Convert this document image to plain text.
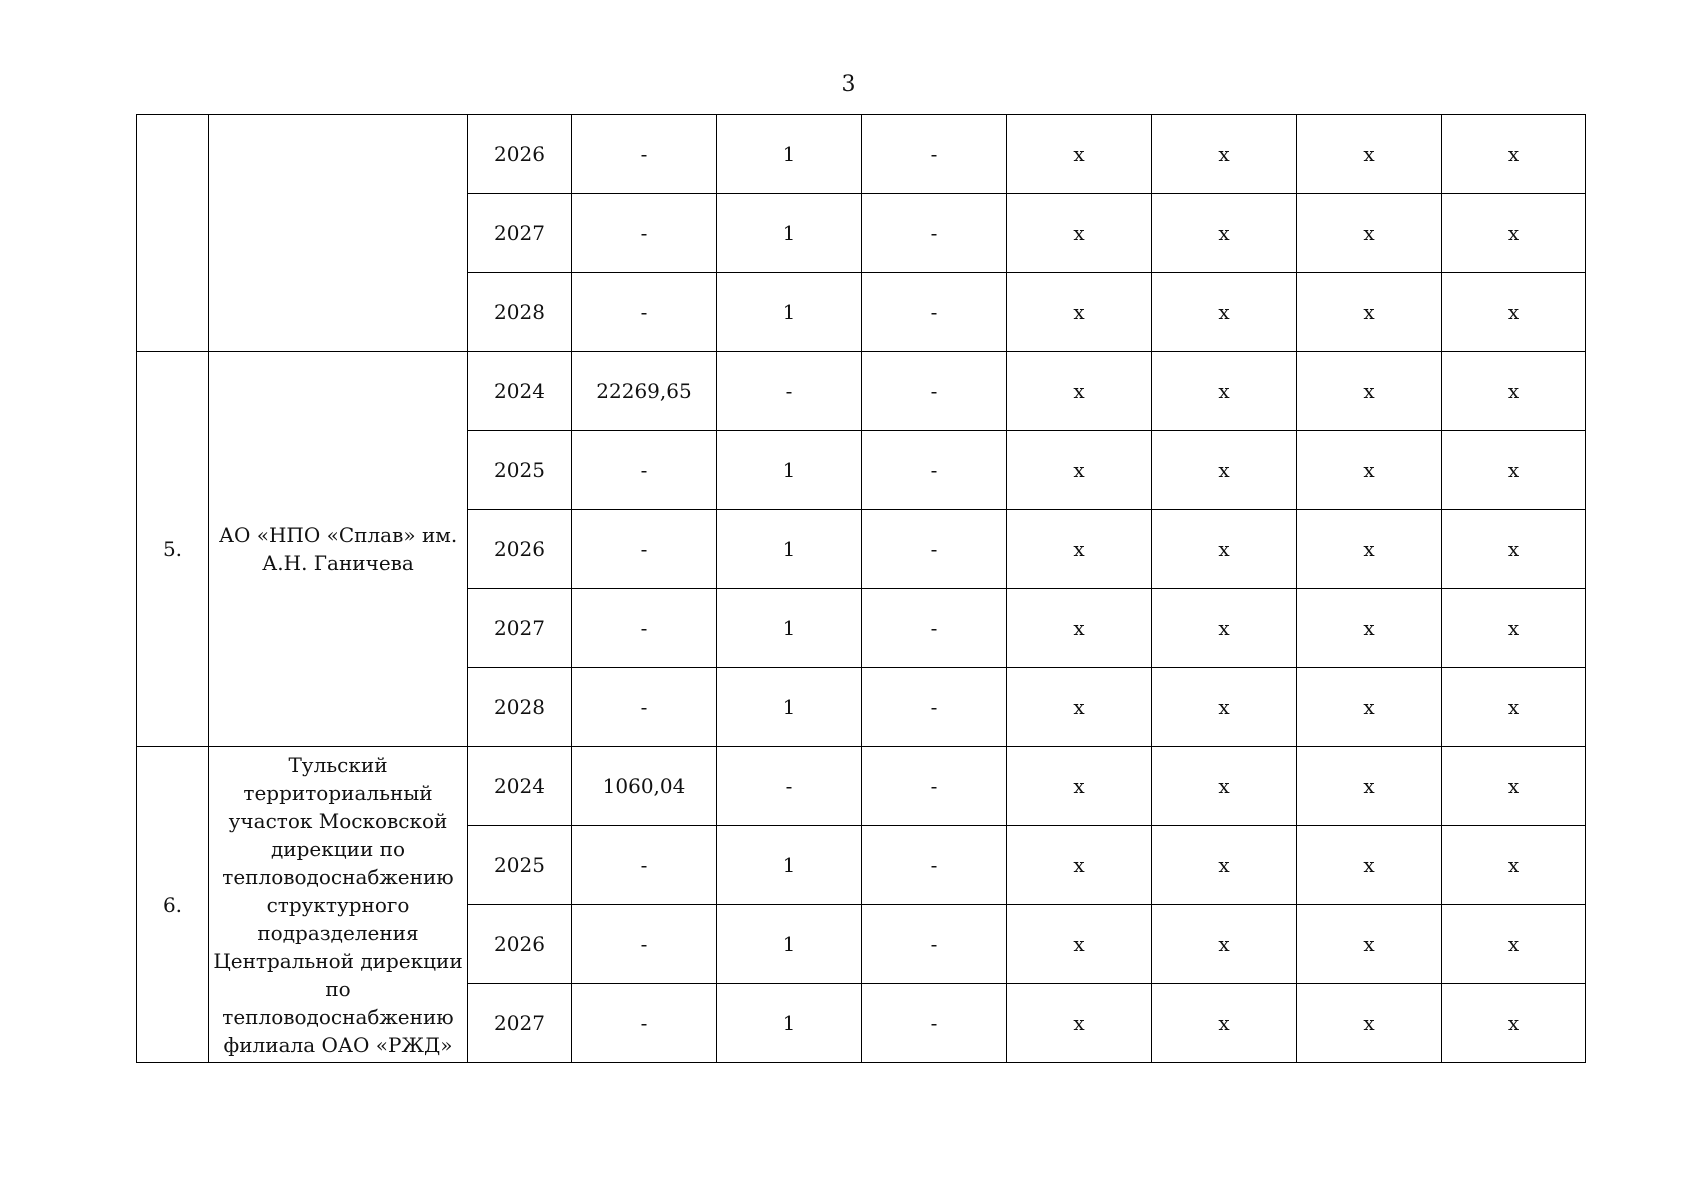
3
		2026	-	1	-	х	х	х	х
		2027	-	1	-	х	х	х	х
		2028	-	1	-	х	х	х	х
5.	АО «НПО «Сплав» им. А.Н. Ганичева	2024	22269,65	-	-	х	х	х	х
		2025	-	1	-	х	х	х	х
		2026	-	1	-	х	х	х	х
		2027	-	1	-	х	х	х	х
		2028	-	1	-	х	х	х	х
6.	Тульский территориальный участок Московской дирекции по тепловодоснабжению структурного подразделения Центральной дирекции по тепловодоснабжению филиала ОАО «РЖД»	2024	1060,04	-	-	х	х	х	х
		2025	-	1	-	х	х	х	х
		2026	-	1	-	х	х	х	х
		2027	-	1	-	х	х	х	х
